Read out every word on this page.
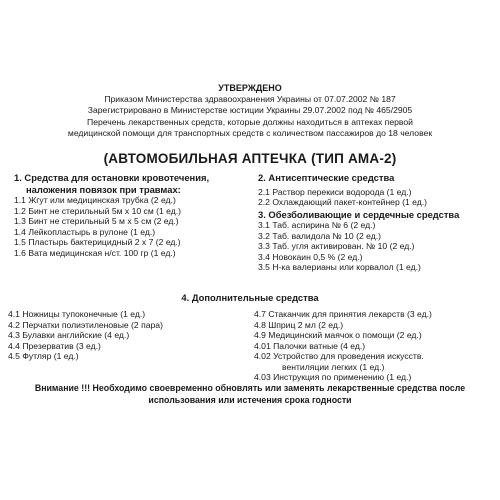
УТВЕРЖДЕНО
Приказом Министерства здравоохранения Украины от 07.07.2002 № 187
Зарегистрировано в Министерстве юстиции Украины 29.07.2002 под № 465/2905
Перечень лекарственных средств, которые должны находиться в аптеках первой
медицинской помощи для транспортных средств с количеством пассажиров до 18 человек
(АВТОМОБИЛЬНАЯ АПТЕЧКА (ТИП АМА-2)
1. Средства для остановки кровотечения,
наложения повязок при травмах:
1.1 Жгут или медицинская трубка (2 ед.)
1.2 Бинт не стерильный 5м х 10 см (1 ед.)
1.3 Бинт не стерильный 5 м х 5 см (2 ед.)
1.4 Лейкопластырь в рулоне (1 ед.)
1.5 Пластырь бактерицидный 2 х 7 (2 ед.)
1.6 Вата медицинская н/ст. 100 гр (1 ед.)
2. Антисептические средства
2.1 Раствор перекиси водорода (1 ед.)
2.2 Охлаждающий пакет-контейнер (1 ед.)
3. Обезболивающие и сердечные средства
3.1 Таб. аспирина № 6 (2 ед.)
3.2 Таб. валидола № 10 (2 ед.)
3.3 Таб. угля активирован. № 10 (2 ед.)
3.4 Новокаин 0,5 % (2 ед.)
3.5 Н-ка валерианы или корвалол (1 ед.)
4. Дополнительные средства
4.1 Ножницы тупоконечные (1 ед.)
4.2 Перчатки полиэтиленовые (2 пара)
4.3 Булавки английские (4 ед.)
4.4 Презерватив (3 ед.)
4.5 Футляр (1 ед.)
4.7 Стаканчик для принятия лекарств (3 ед.)
4.8 Шприц 2 мл (2 ед.)
4.9 Медицинский маячок о помощи (2 ед.)
4.01 Палочки ватные (4 ед.)
4.02 Устройство для проведения искусств.
вентиляции легких (1 ед.)
4.03 Инструкция по применению (1 ед.)
Внимание !!! Необходимо своевременно обновлять или заменять лекарственные средства после
использования или истечения срока годности
